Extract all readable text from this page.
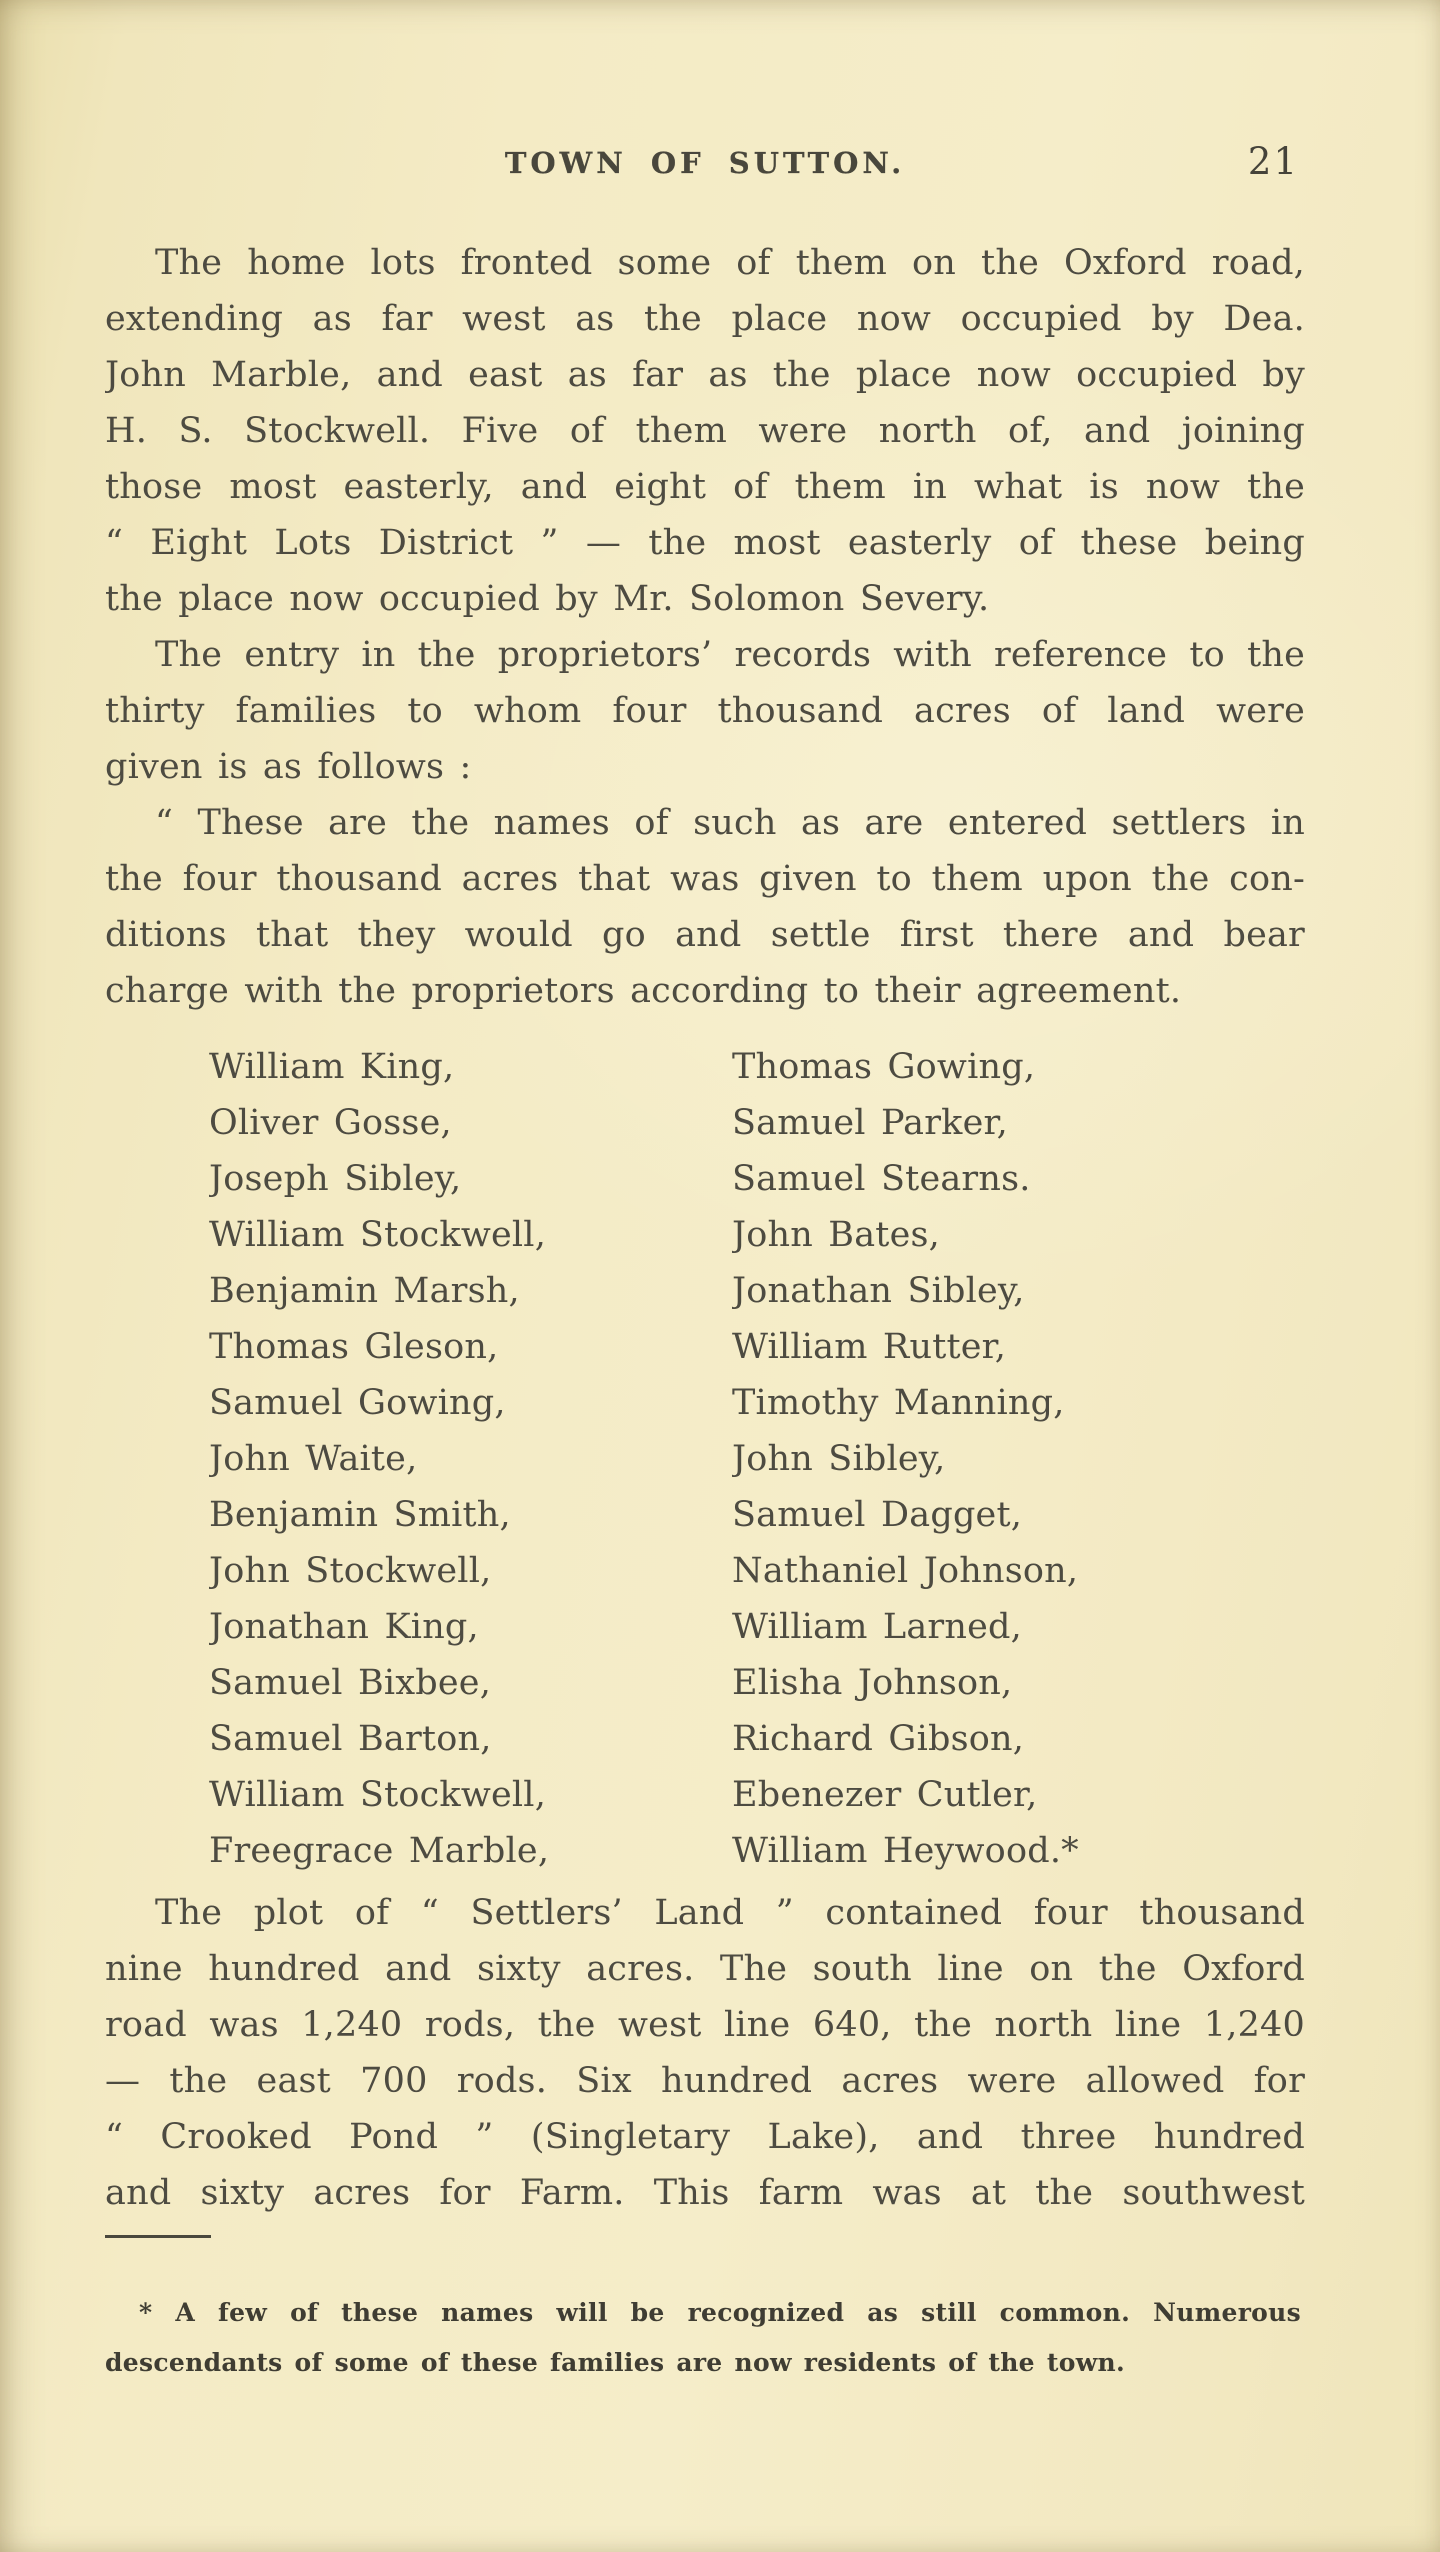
TOWN OF SUTTON.	21
The home lots fronted some of them on the Oxford road,
extending as far west as the place now occupied by Dea.
John Marble, and east as far as the place now occupied by
H. S. Stockwell. Five of them were north of, and joining
those most easterly, and eight of them in what is now the
“ Eight Lots District ” — the most easterly of these being
the place now occupied by Mr. Solomon Severy.
The entry in the proprietors’ records with reference to the
thirty families to whom four thousand acres of land were
given is as follows :
“ These are the names of such as are entered settlers in
the four thousand acres that was given to them upon the con-
ditions that they would go and settle first there and bear
charge with the proprietors according to their agreement.
William King,
Oliver Gosse,
Joseph Sibley,
William Stockwell,
Benjamin Marsh,
Thomas Gleson,
Samuel Gowing,
John Waite,
Benjamin Smith,
John Stockwell,
Jonathan King,
Samuel Bixbee,
Samuel Barton,
William Stockwell,
Freegrace Marble,
Thomas Gowing,
Samuel Parker,
Samuel Stearns.
John Bates,
Jonathan Sibley,
William Rutter,
Timothy Manning,
John Sibley,
Samuel Dagget,
Nathaniel Johnson,
William Larned,
Elisha Johnson,
Richard Gibson,
Ebenezer Cutler,
William Heywood.*
The plot of “ Settlers’ Land ” contained four thousand
nine hundred and sixty acres. The south line on the Oxford
road was 1,240 rods, the west line 640, the north line 1,240
— the east 700 rods. Six hundred acres were allowed for
“ Crooked Pond ” (Singletary Lake), and three hundred
and sixty acres for Farm. This farm was at the southwest
* A few of these names will be recognized as still common. Numerous
descendants of some of these families are now residents of the town.
